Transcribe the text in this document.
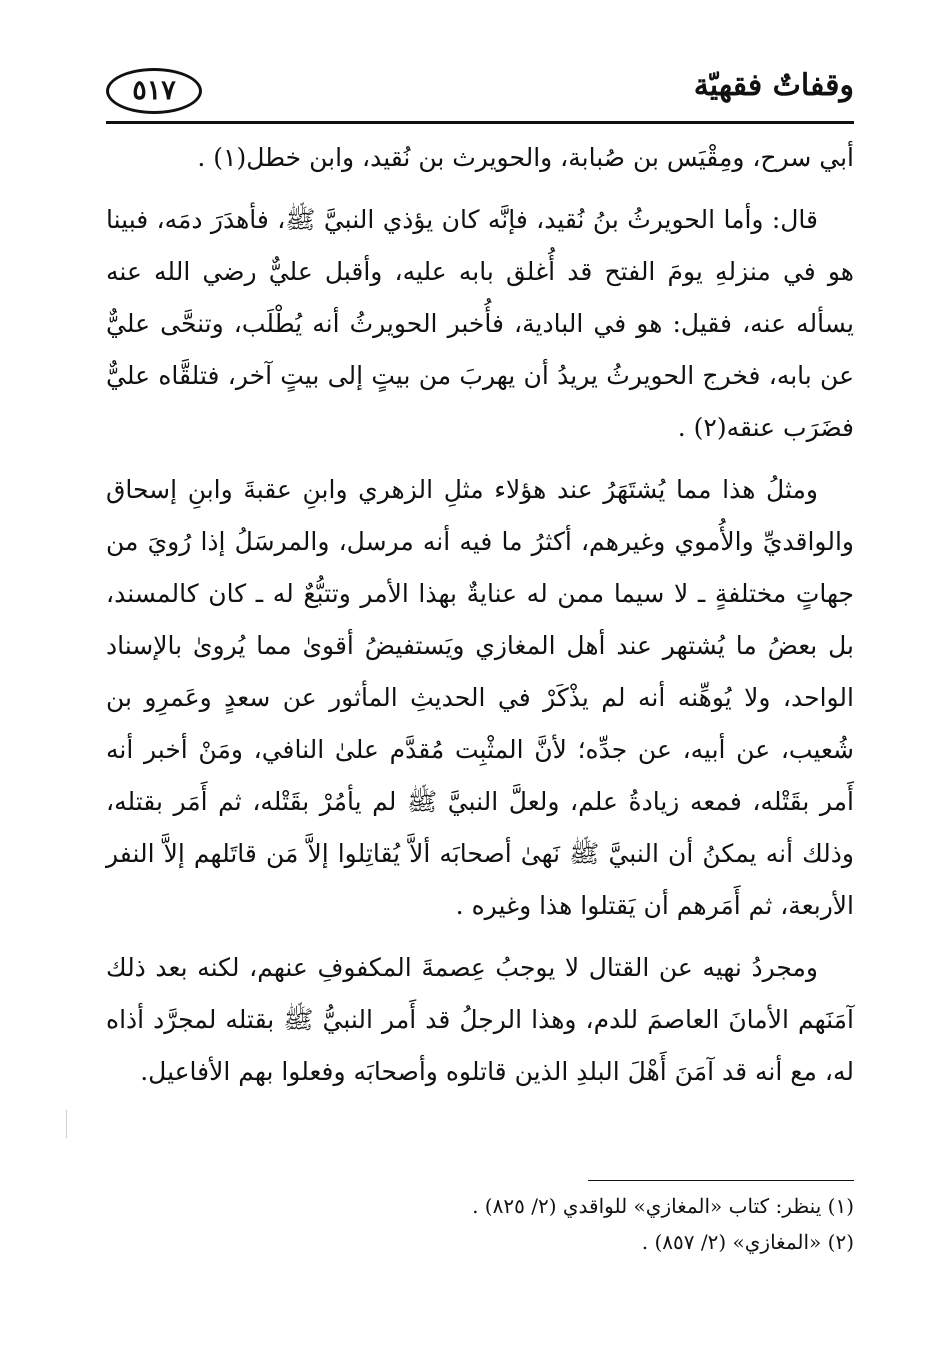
وقفاتٌ فقهيّة
٥١٧

أبي سرح، ومِقْيَس بن صُبابة، والحويرث بن نُقيد، وابن خطل(١) .

قال: وأما الحويرثُ بنُ نُقيد، فإنَّه كان يؤذي النبيَّ ﷺ، فأهدَرَ دمَه، فبينا هو في منزلهِ يومَ الفتح قد أُغلق بابه عليه، وأقبل عليٌّ رضي الله عنه يسأله عنه، فقيل: هو في البادية، فأُخبر الحويرثُ أنه يُطْلَب، وتنحَّى عليٌّ عن بابه، فخرج الحويرثُ يريدُ أن يهربَ من بيتٍ إلى بيتٍ آخر، فتلقَّاه عليٌّ فضَرَب عنقه(٢) .

ومثلُ هذا مما يُشتَهَرُ عند هؤلاء مثلِ الزهري وابنِ عقبةَ وابنِ إسحاق والواقديِّ والأُموي وغيرهم، أكثرُ ما فيه أنه مرسل، والمرسَلُ إذا رُويَ من جهاتٍ مختلفةٍ ـ لا سيما ممن له عنايةٌ بهذا الأمر وتتبُّعٌ له ـ كان كالمسند، بل بعضُ ما يُشتهر عند أهل المغازي ويَستفيضُ أقوىٰ مما يُرویٰ بالإسناد الواحد، ولا يُوهِّنه أنه لم يذْكَرْ في الحديثِ المأثور عن سعدٍ وعَمرِو بن شُعيب، عن أبيه، عن جدِّه؛ لأنَّ المثْبِت مُقدَّم علىٰ النافي، ومَنْ أخبر أنه أَمر بقَتْله، فمعه زيادةُ علم، ولعلَّ النبيَّ ﷺ لم يأمُرْ بقَتْله، ثم أَمَر بقتله، وذلك أنه يمكنُ أن النبيَّ ﷺ نَهىٰ أصحابَه ألاَّ يُقاتِلوا إلاَّ مَن قاتَلهم إلاَّ النفر الأربعة، ثم أَمَرهم أن يَقتلوا هذا وغيره .

ومجردُ نهيه عن القتال لا يوجبُ عِصمةَ المكفوفِ عنهم، لكنه بعد ذلك آمَنَهم الأمانَ العاصمَ للدم، وهذا الرجلُ قد أَمر النبيُّ ﷺ بقتله لمجرَّد أذاه له، مع أنه قد آمَنَ أَهْلَ البلدِ الذين قاتلوه وأصحابَه وفعلوا بهم الأفاعيل.

(١) ينظر: كتاب «المغازي» للواقدي (٢/ ٨٢٥) .
(٢) «المغازي» (٢/ ٨٥٧) .
